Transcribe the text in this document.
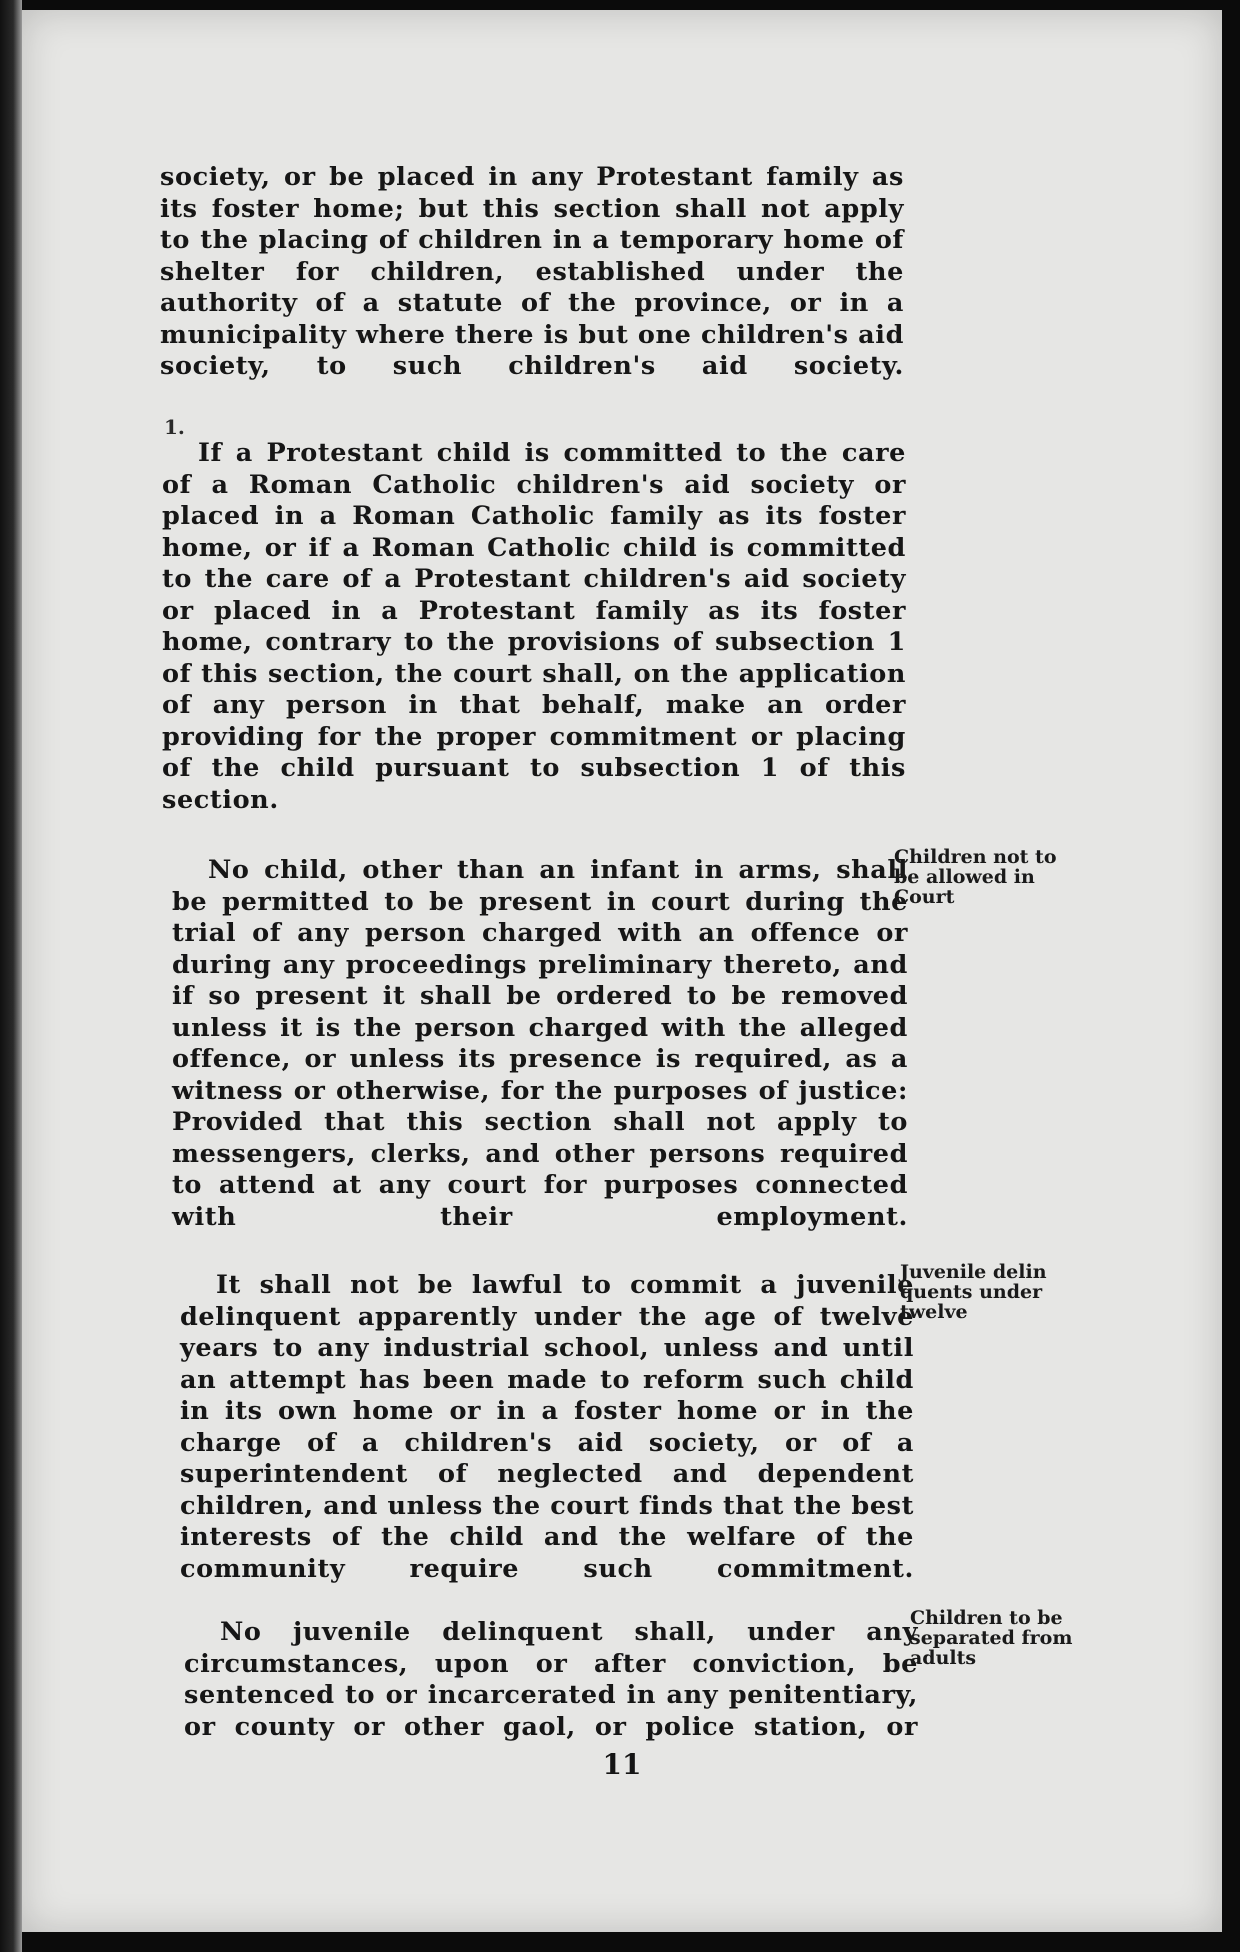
society, or be placed in any Protestant family as its foster home; but this section shall not apply to the placing of children in a temporary home of shelter for children, established under the authority of a statute of the province, or in a municipality where there is but one children's aid society, to such children's aid society.

1.

If a Protestant child is committed to the care of a Roman Catholic children's aid society or placed in a Roman Catholic family as its foster home, or if a Roman Catholic child is committed to the care of a Protestant children's aid society or placed in a Protestant family as its foster home, contrary to the provisions of subsection 1 of this section, the court shall, on the application of any person in that behalf, make an order providing for the proper commitment or placing of the child pursuant to subsection 1 of this section.

No child, other than an infant in arms, shall be permitted to be present in court during the trial of any person charged with an offence or during any proceedings preliminary thereto, and if so present it shall be ordered to be removed unless it is the person charged with the alleged offence, or unless its presence is required, as a witness or otherwise, for the purposes of justice: Provided that this section shall not apply to messengers, clerks, and other persons required to attend at any court for purposes connected with their employment.

Children not to be allowed in Court

It shall not be lawful to commit a juvenile delinquent apparently under the age of twelve years to any industrial school, unless and until an attempt has been made to reform such child in its own home or in a foster home or in the charge of a children's aid society, or of a superintendent of neglected and dependent children, and unless the court finds that the best interests of the child and the welfare of the community require such commitment.

Juvenile delin quents under twelve

No juvenile delinquent shall, under any circumstances, upon or after conviction, be sentenced to or incarcerated in any penitentiary, or county or other gaol, or police station, or

Children to be separated from adults

11
